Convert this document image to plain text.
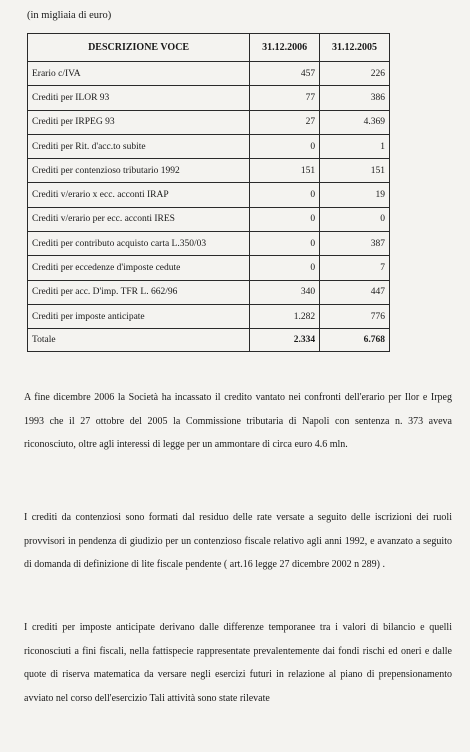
(in migliaia di euro)
DESCRIZIONE VOCE	31.12.2006	31.12.2005
Erario c/IVA	457	226
Crediti per ILOR 93	77	386
Crediti per IRPEG 93	27	4.369
Crediti per Rit. d'acc.to subite	0	1
Crediti per contenzioso tributario 1992	151	151
Crediti v/erario x ecc. acconti IRAP	0	19
Crediti v/erario per ecc. acconti IRES	0	0
Crediti per contributo acquisto carta L.350/03	0	387
Crediti per eccedenze d'imposte cedute	0	7
Crediti per acc. D'imp. TFR L. 662/96	340	447
Crediti per imposte anticipate	1.282	776
Totale	2.334	6.768

A fine dicembre 2006 la Società ha incassato il credito vantato nei confronti dell'erario per Ilor e Irpeg 1993 che il 27 ottobre del 2005 la Commissione tributaria di Napoli con sentenza n. 373 aveva riconosciuto, oltre agli interessi di legge per un ammontare di circa euro 4.6 mln.

I crediti da contenziosi sono formati dal residuo delle rate versate a seguito delle iscrizioni dei ruoli provvisori in pendenza di giudizio per un contenzioso fiscale relativo agli anni 1992, e avanzato a seguito di domanda di definizione di lite fiscale pendente ( art.16 legge 27 dicembre 2002 n 289) .

I crediti per imposte anticipate derivano dalle differenze temporanee tra i valori di bilancio e quelli riconosciuti a fini fiscali, nella fattispecie rappresentate prevalentemente dai fondi rischi ed oneri e dalle quote di riserva matematica da versare negli esercizi futuri in relazione al piano di prepensionamento avviato nel corso dell'esercizio Tali attività sono state rilevate
